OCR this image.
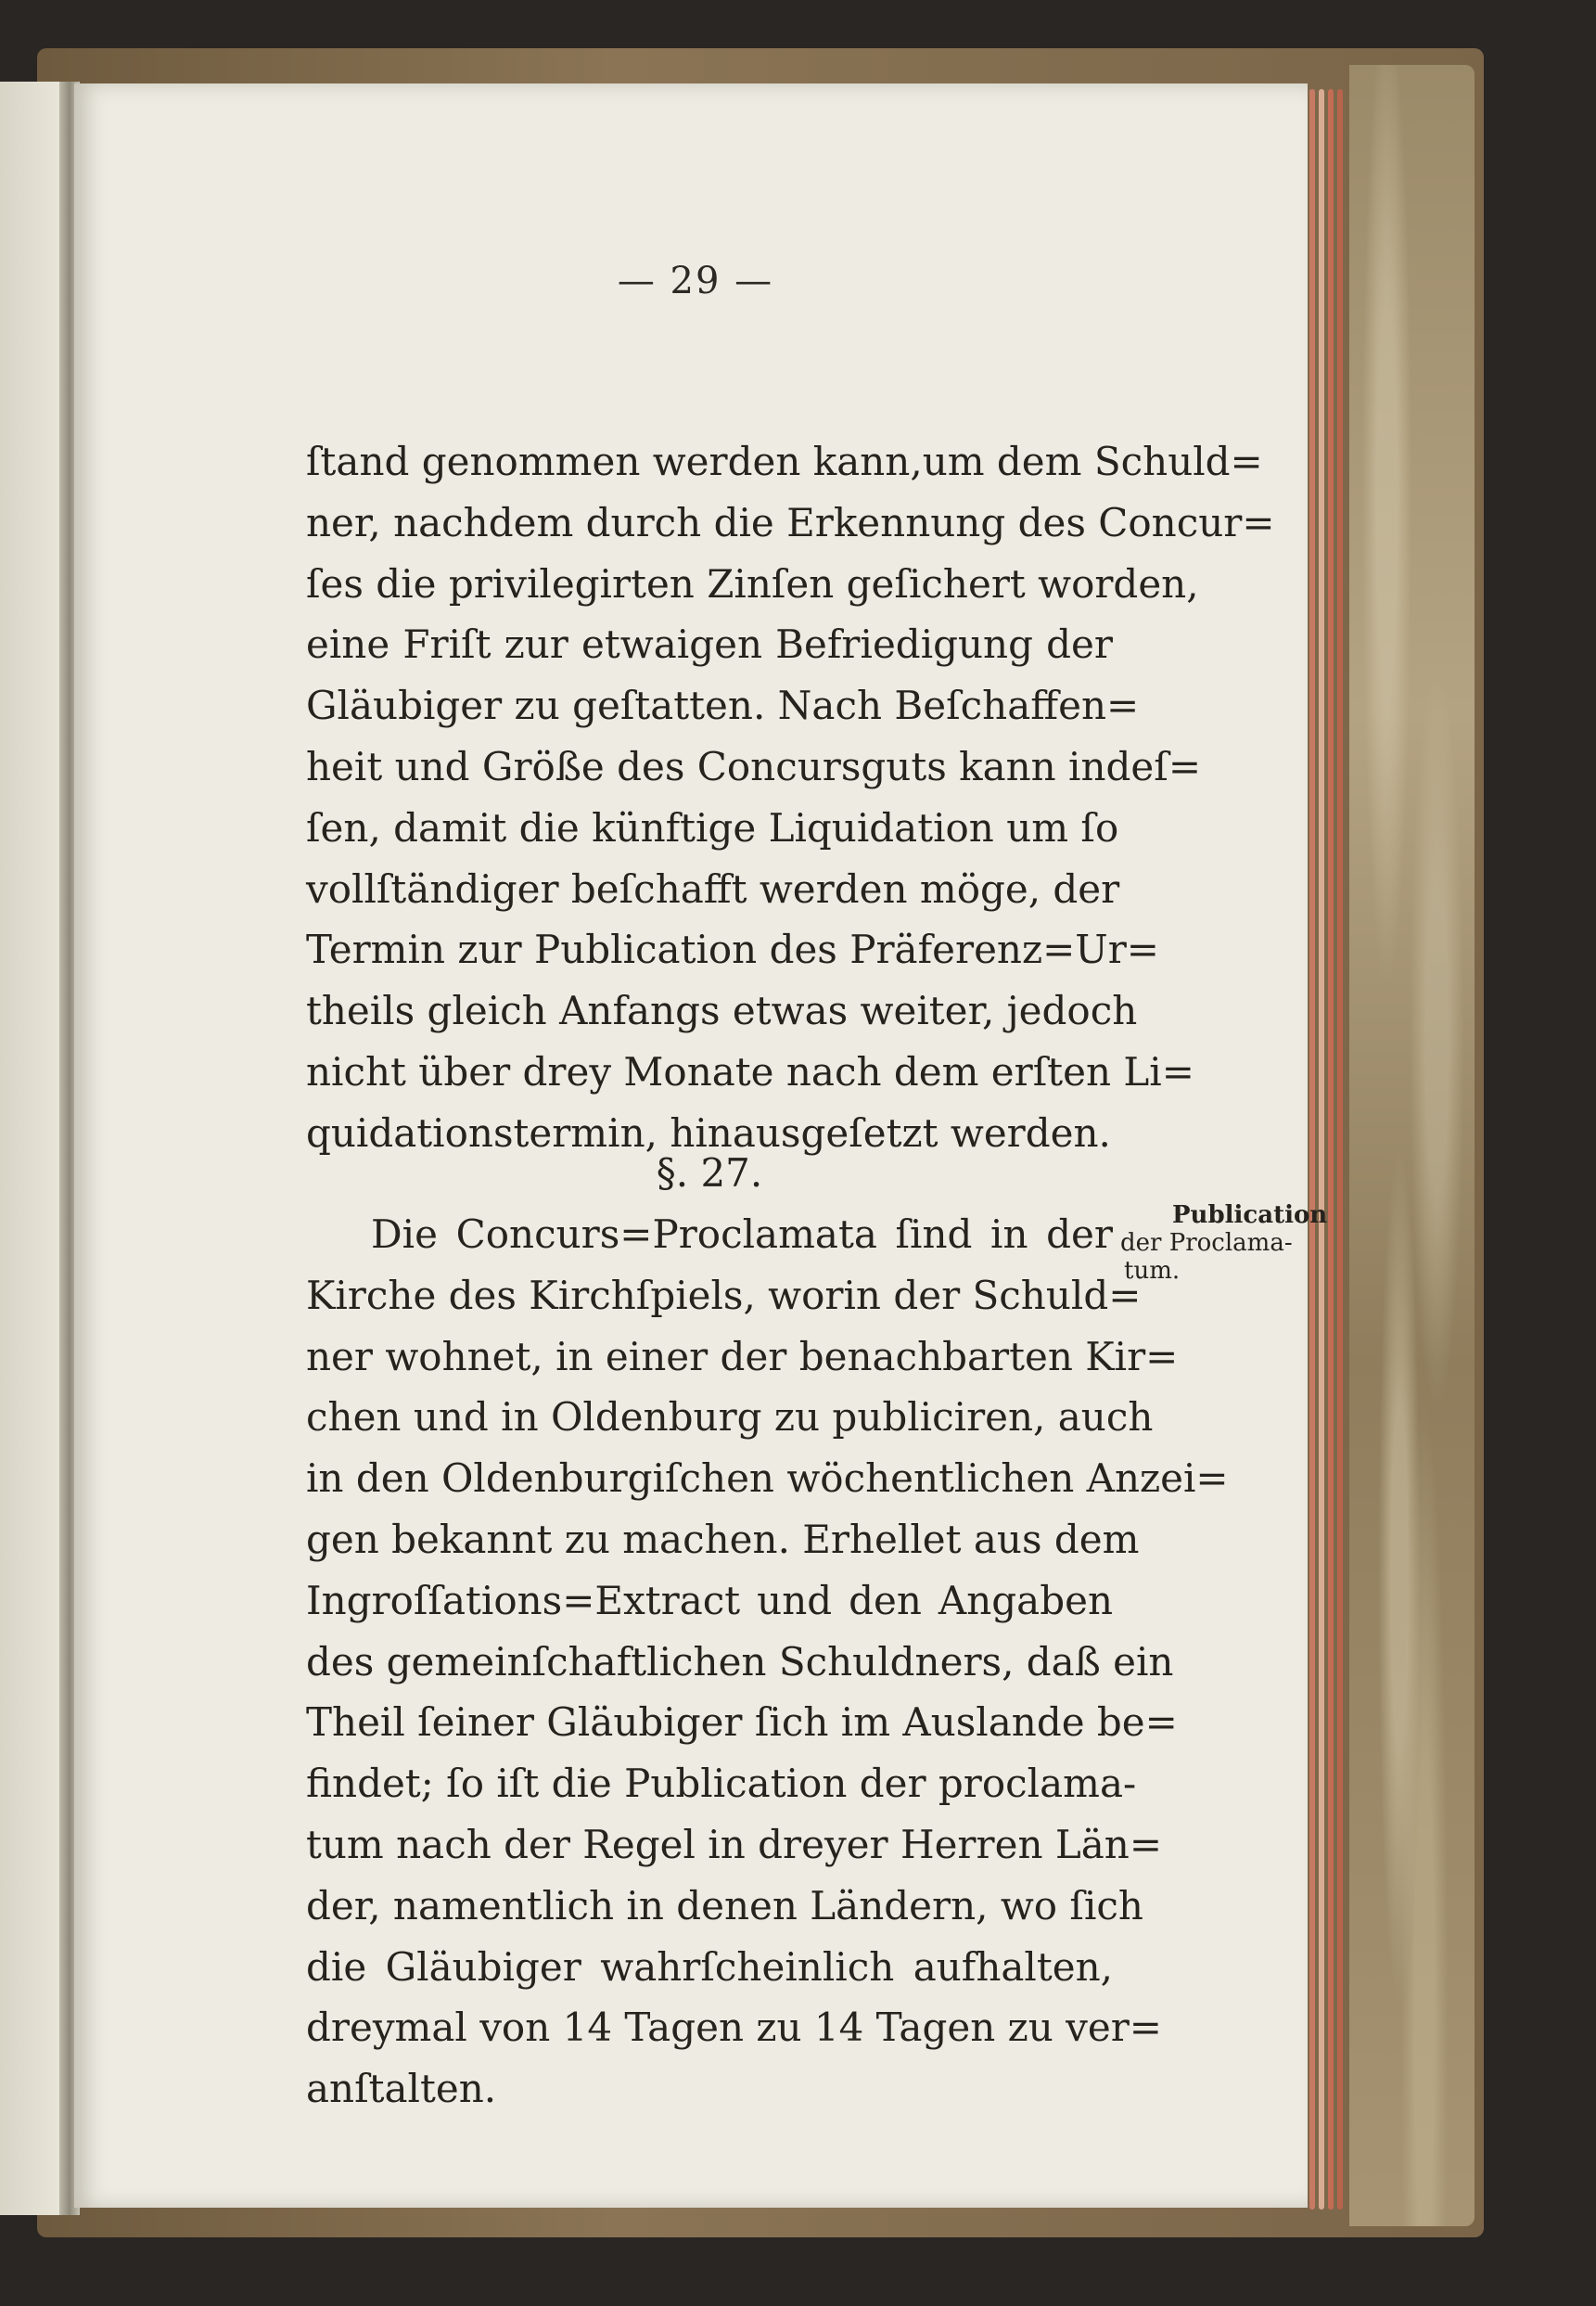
— 29 —
ſtand genommen werden kann,um dem Schuld=
ner, nachdem durch die Erkennung des Concur=
ſes die privilegirten Zinſen geſichert worden,
eine Friſt zur etwaigen Befriedigung der
Gläubiger zu geſtatten. Nach Beſchaffen=
heit und Größe des Concursguts kann indeſ=
ſen, damit die künftige Liquidation um ſo
vollſtändiger beſchafft werden möge, der
Termin zur Publication des Präferenz=Ur=
theils gleich Anfangs etwas weiter, jedoch
nicht über drey Monate nach dem erſten Li=
quidationstermin, hinausgeſetzt werden.
§. 27.
Die Concurs=Proclamata ſind in der
Kirche des Kirchſpiels, worin der Schuld=
ner wohnet, in einer der benachbarten Kir=
chen und in Oldenburg zu publiciren, auch
in den Oldenburgiſchen wöchentlichen Anzei=
gen bekannt zu machen. Erhellet aus dem
Ingroſſations=Extract und den Angaben
des gemeinſchaftlichen Schuldners, daß ein
Theil ſeiner Gläubiger ſich im Auslande be=
findet; ſo iſt die Publication der proclama-
tum nach der Regel in dreyer Herren Län=
der, namentlich in denen Ländern, wo ſich
die Gläubiger wahrſcheinlich aufhalten,
dreymal von 14 Tagen zu 14 Tagen zu ver=
anſtalten.
Publication
der Proclama-
tum.
